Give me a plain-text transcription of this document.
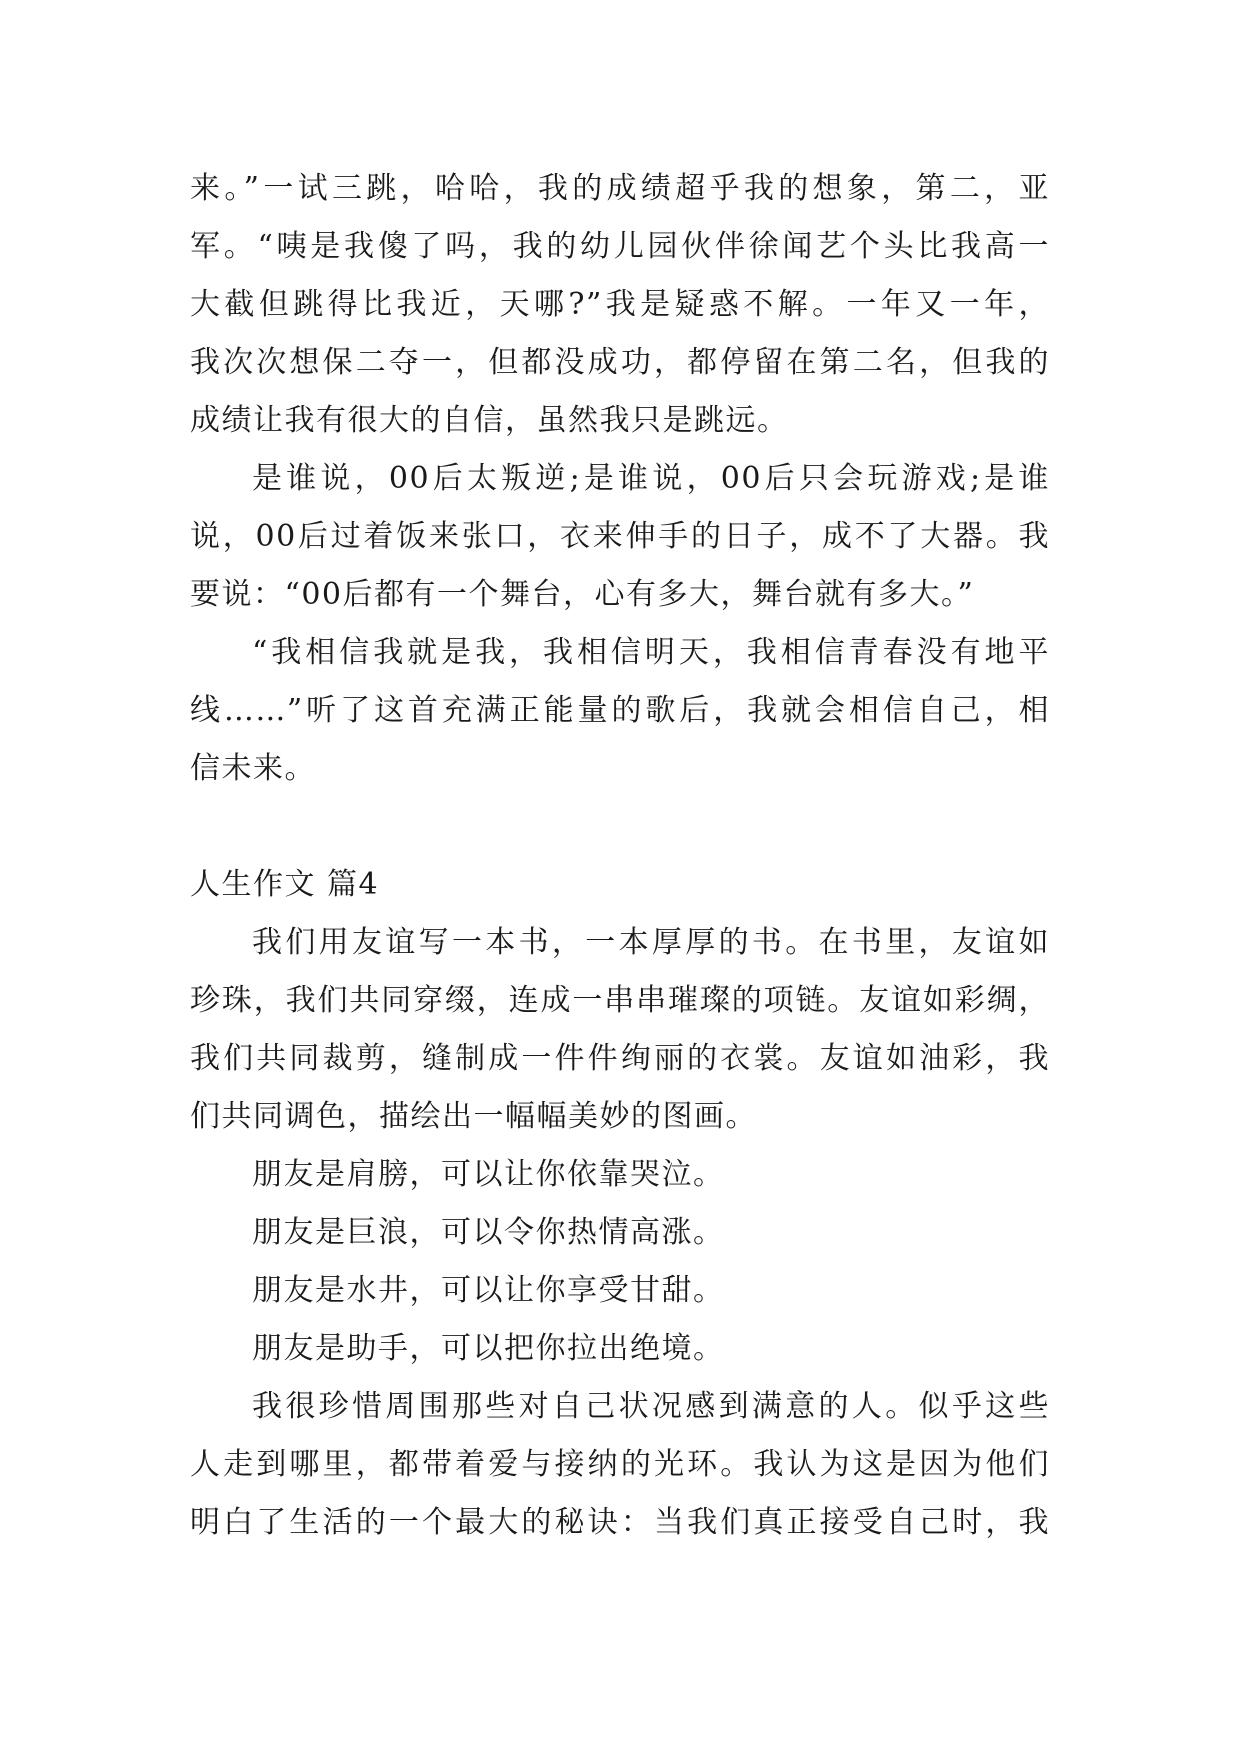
来。”一试三跳，哈哈，我的成绩超乎我的想象，第二，亚
军。“咦是我傻了吗，我的幼儿园伙伴徐闻艺个头比我高一
大截但跳得比我近，天哪?”我是疑惑不解。一年又一年，
我次次想保二夺一，但都没成功，都停留在第二名，但我的
成绩让我有很大的自信，虽然我只是跳远。
是谁说，00后太叛逆;是谁说，00后只会玩游戏;是谁
说，00后过着饭来张口，衣来伸手的日子，成不了大器。我
要说：“00后都有一个舞台，心有多大，舞台就有多大。”
“我相信我就是我，我相信明天，我相信青春没有地平
线……”听了这首充满正能量的歌后，我就会相信自己，相
信未来。
人生作文 篇4
我们用友谊写一本书，一本厚厚的书。在书里，友谊如
珍珠，我们共同穿缀，连成一串串璀璨的项链。友谊如彩绸，
我们共同裁剪，缝制成一件件绚丽的衣裳。友谊如油彩，我
们共同调色，描绘出一幅幅美妙的图画。
朋友是肩膀，可以让你依靠哭泣。
朋友是巨浪，可以令你热情高涨。
朋友是水井，可以让你享受甘甜。
朋友是助手，可以把你拉出绝境。
我很珍惜周围那些对自己状况感到满意的人。似乎这些
人走到哪里，都带着爱与接纳的光环。我认为这是因为他们
明白了生活的一个最大的秘诀：当我们真正接受自己时，我
